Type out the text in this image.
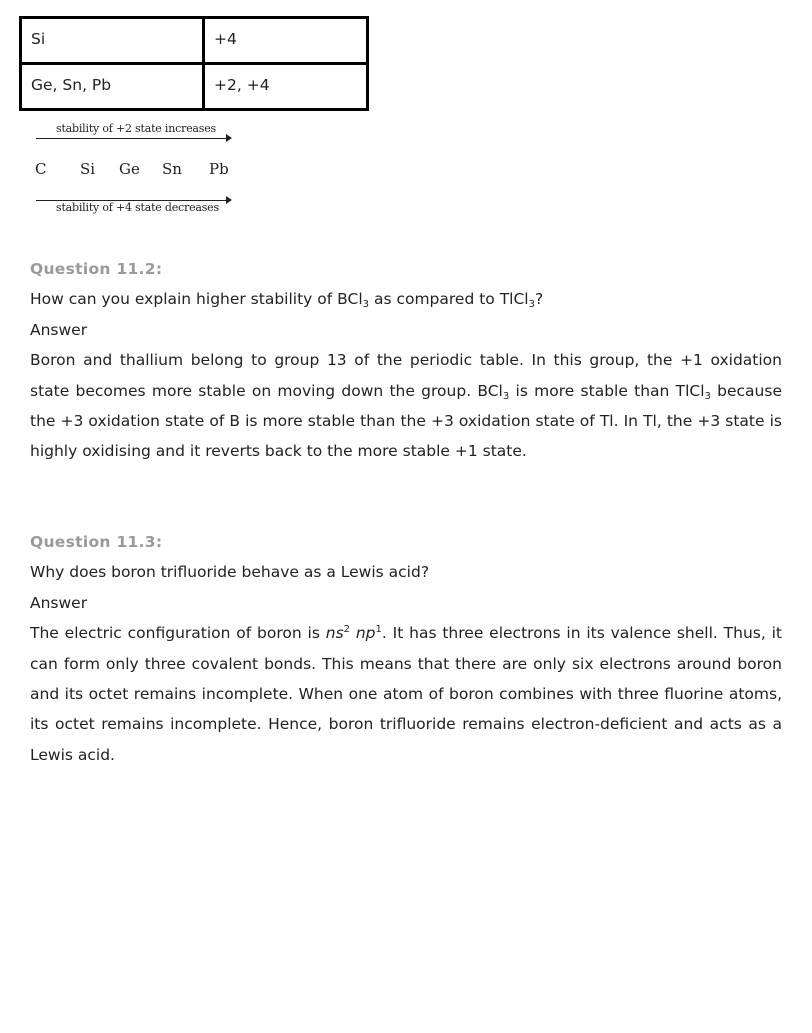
Si	+4
Ge, Sn, Pb	+2, +4
stability of +2 state increases
C Si Ge Sn Pb
stability of +4 state decreases
Question 11.2:
How can you explain higher stability of BCl$_3$ as compared to TlCl$_3$?
Answer
Boron and thallium belong to group 13 of the periodic table. In this group, the +1 oxidation state becomes more stable on moving down the group. BCl$_3$ is more stable than TlCl$_3$ because the +3 oxidation state of B is more stable than the +3 oxidation state of Tl. In Tl, the +3 state is highly oxidising and it reverts back to the more stable +1 state.
Question 11.3:
Why does boron trifluoride behave as a Lewis acid?
Answer
The electric configuration of boron is $ns^2$ $np^1$. It has three electrons in its valence shell. Thus, it can form only three covalent bonds. This means that there are only six electrons around boron and its octet remains incomplete. When one atom of boron combines with three fluorine atoms, its octet remains incomplete. Hence, boron trifluoride remains electron-deficient and acts as a Lewis acid.
